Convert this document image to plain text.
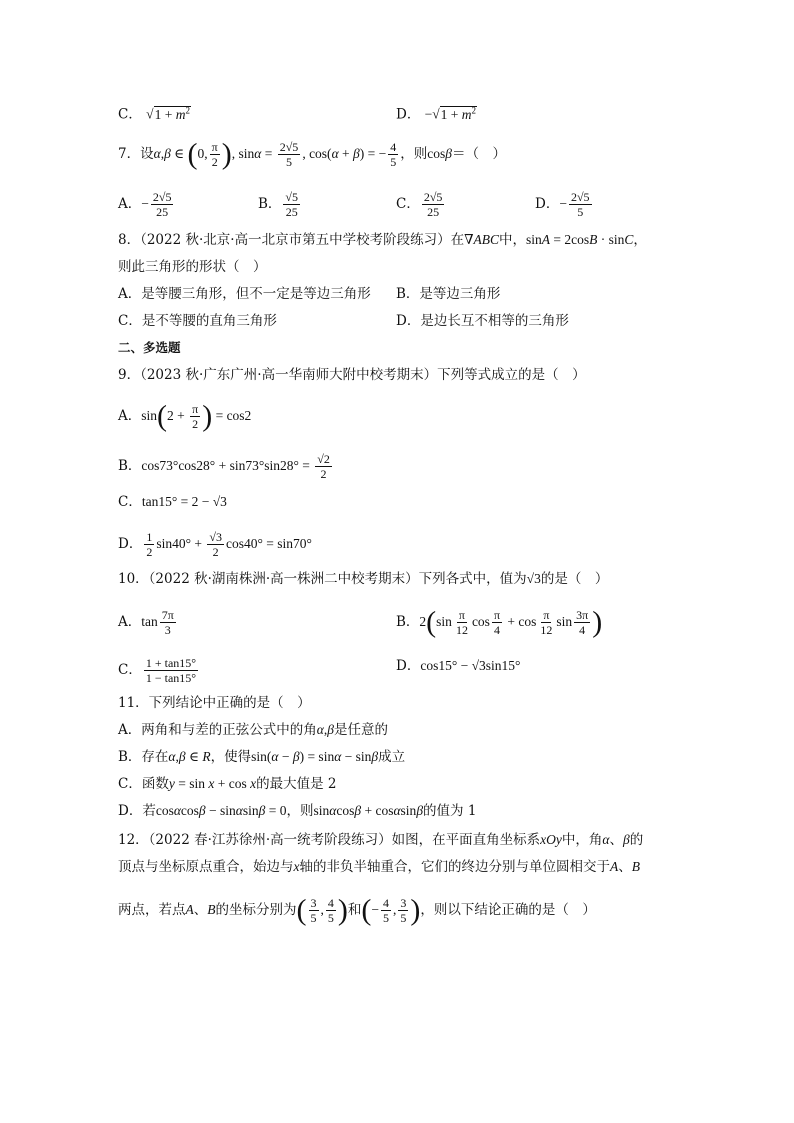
C． $√1 + m^2$	D． $-√1 + m^2$
7．设α,β ∈ (0, $\frac{\pi}{2}$ ), $\sin\alpha = \frac{2√5}{5}$ , cos(α + β) = − $\frac{4}{5}$ ，则cosβ＝（　）
A．− $\frac{2√5}{25}$	B． $\frac{√5}{25}$	C． $\frac{2√5}{25}$	D．− $\frac{2√5}{5}$
8．（2022 秋·北京·高一北京市第五中学校考阶段练习）在∇ABC中，sinA = 2cosB · sinC，
则此三角形的形状（　）
A．是等腰三角形，但不一定是等边三角形 B．是等边三角形
C．是不等腰的直角三角形	D．是边长互不相等的三角形
二、多选题
9．（2023 秋·广东广州·高一华南师大附中校考期末）下列等式成立的是（　）
A．$\sin(2 + \frac{\pi}{2}$ ) = cos2
B．$\cos 73^\circ\cos 28^\circ + \sin 73^\circ\sin 28^\circ = \frac{√2}{2}$
C．tan15° = 2 − √3
D． $\frac{1}{2} \sin 40^\circ + \frac{√3}{2} \cos 40^\circ = \sin 70^\circ$
10．（2022 秋·湖南株洲·高一株洲二中校考期末）下列各式中，值为√3的是（　）
A．$\tan \frac{7\pi}{3}$	B．$2(\sin \frac{\pi}{12}$ $\cos \frac{\pi}{4} + \cos \frac{\pi}{12}$ $\sin \frac{3\pi}{4}$ )
C． $\frac{1 + \tan 15^\circ}{1 - \tan 15^\circ}$	D．cos15° − √3sin15°
11．下列结论中正确的是（　）
A．两角和与差的正弦公式中的角α,β是任意的
B．存在α,β ∈ R，使得sin(α − β) = sinα − sinβ成立
C．函数y = sin x + cos x的最大值是 2
D．若cosαcosβ − sinαsinβ = 0，则sinαcosβ + cosαsinβ的值为 1
12．（2022 春·江苏徐州·高一统考阶段练习）如图，在平面直角坐标系xOy中，角α、β的
顶点与坐标原点重合，始边与x轴的非负半轴重合，它们的终边分别与单位圆相交于A、B
两点，若点A、B的坐标分别为( $\frac{3}{5}$ , $\frac{4}{5}$ )和(− $\frac{4}{5}$ , $\frac{3}{5}$ )，则以下结论正确的是（　）
